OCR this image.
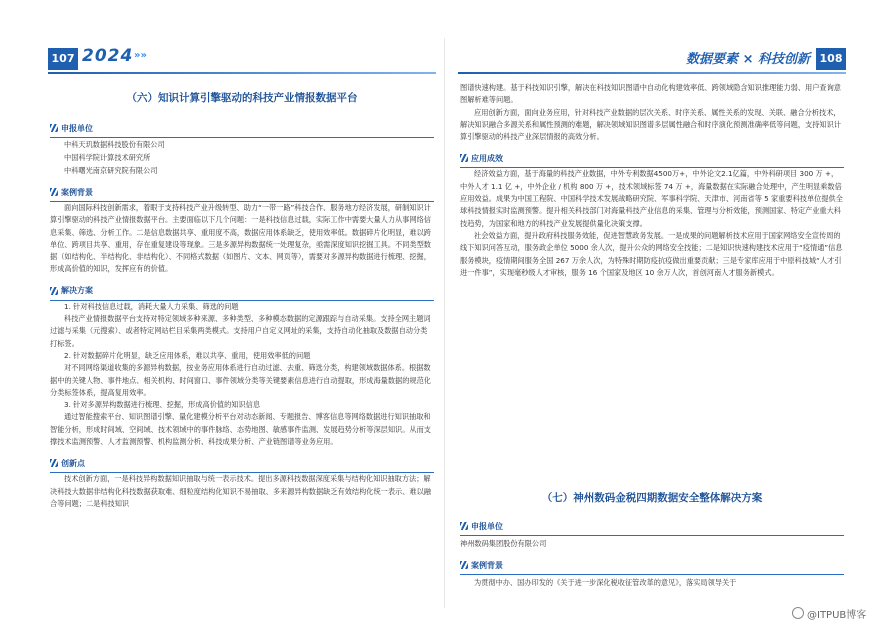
107 2024 »»	数据要素 × 科技创新 108

（六）知识计算引擎驱动的科技产业情报数据平台

申报单位

中科天玑数据科技股份有限公司

中国科学院计算技术研究所

中科曙光南京研究院有限公司

案例背景

面向国际科技创新需求，着眼于支持科技产业升级转型、助力“一带一路”科技合作、服务地方经济发展，研制知识计算引擎驱动的科技产业情报数据平台。主要面临以下几个问题：一是科技信息过载，实际工作中需要大量人力从事网络信息采集、筛选、分析工作。二是信息数据共享、重用度不高，数据应用体系缺乏，使用效率低。数据碎片化明显，难以跨单位、跨项目共享、重用，存在重复建设等现象。三是多源异构数据统一处理复杂，亟需深度知识挖掘工具。不同类型数据（如结构化、半结构化、非结构化）、不同格式数据（如图片、文本、网页等），需要对多源异构数据进行梳理、挖掘，形成高价值的知识，发挥应有的价值。

解决方案

1. 针对科技信息过载，消耗大量人力采集、筛选的问题

科技产业情报数据平台支持对特定领域多种来源、多种类型、多种模态数据的定源跟踪与自动采集。支持全网主题词过滤与采集（元搜索）、或者特定网站栏目采集两类模式。支持用户自定义网址的采集，支持自动化抽取及数据自动分类打标签。

2. 针对数据碎片化明显，缺乏应用体系，难以共享、重用，使用效率低的问题

对不同网络渠道收集的多源异构数据，按业务应用体系进行自动过滤、去重、筛选分类，构建领域数据体系。根据数据中的关键人物、事件地点、相关机构、时间窗口、事件领域分类等关键要素信息进行自动提取，形成海量数据的规范化分类标签体系，提高复用效率。

3. 针对多源异构数据进行梳理、挖掘，形成高价值的知识信息

通过智能搜索平台、知识图谱引擎、量化建模分析平台对动态新闻、专题报告、博客信息等网络数据进行知识抽取和智能分析，形成时间域、空间域、技术领域中的事件脉络、态势地图、敏感事件监测、发展趋势分析等深层知识。从而支撑技术监测预警、人才监测预警、机构监测分析、科技成果分析、产业链图谱等业务应用。

创新点

技术创新方面，一是科技异构数据知识抽取与统一表示技术。提出多源科技数据深度采集与结构化知识抽取方法；解决科技大数据非结构化科技数据获取难、细粒度结构化知识不易抽取、多来源异构数据缺乏有效结构化统一表示、难以融合等问题；二是科技知识

图谱快速构建。基于科技知识引擎，解决在科技知识图谱中自动化构建效率低、跨领域隐含知识推理能力弱、用户查询意图解析难等问题。

应用创新方面，面向业务应用，针对科技产业数据的层次关系、时序关系、属性关系的发现、关联、融合分析技术，解决知识融合多源关系和属性预测的难题，解决领域知识图谱多层属性融合和时序演化预测准确率低等问题，支持知识计算引擎驱动的科技产业深层情报的高效分析。

应用成效

经济效益方面，基于海量的科技产业数据，中外专利数据4500万+，中外论文2.1亿篇，中外科研项目 300 万 +，中外人才 1.1 亿 +，中外企业 / 机构 800 万 +，技术领域标签 74 万 +，海量数据在实际融合处理中，产生明显乘数倍应用效益。成果为中国工程院、中国科学技术发展战略研究院、军事科学院、天津市、河南省等 5 家重要科技单位提供全球科技情报实时监测预警。提升相关科技部门对海量科技产业信息的采集、管理与分析效能，预测国家、特定产业重大科技趋势，为国家和地方的科技产业发展提供量化决策支撑。

社会效益方面，提升政府科技服务效能，促进智慧政务发展。一是成果的问题解析技术应用于国家网络安全宣传周的线下知识问答互动，服务政企单位 5000 余人次，提升公众的网络安全技能；二是知识快速构建技术应用于“疫情通”信息服务模块，疫情期间服务全国 267 万余人次，为特殊时期防疫抗疫做出重要贡献；三是专家库应用于中原科技城“人才引进一件事”，实现毫秒级人才审核，服务 16 个国家及地区 10 余万人次，首创河南人才服务新模式。

（七）神州数码金税四期数据安全整体解决方案

申报单位

神州数码集团股份有限公司

案例背景

为贯彻中办、国办印发的《关于进一步深化税收征管改革的意见》，落实局领导关于

@ITPUB博客
